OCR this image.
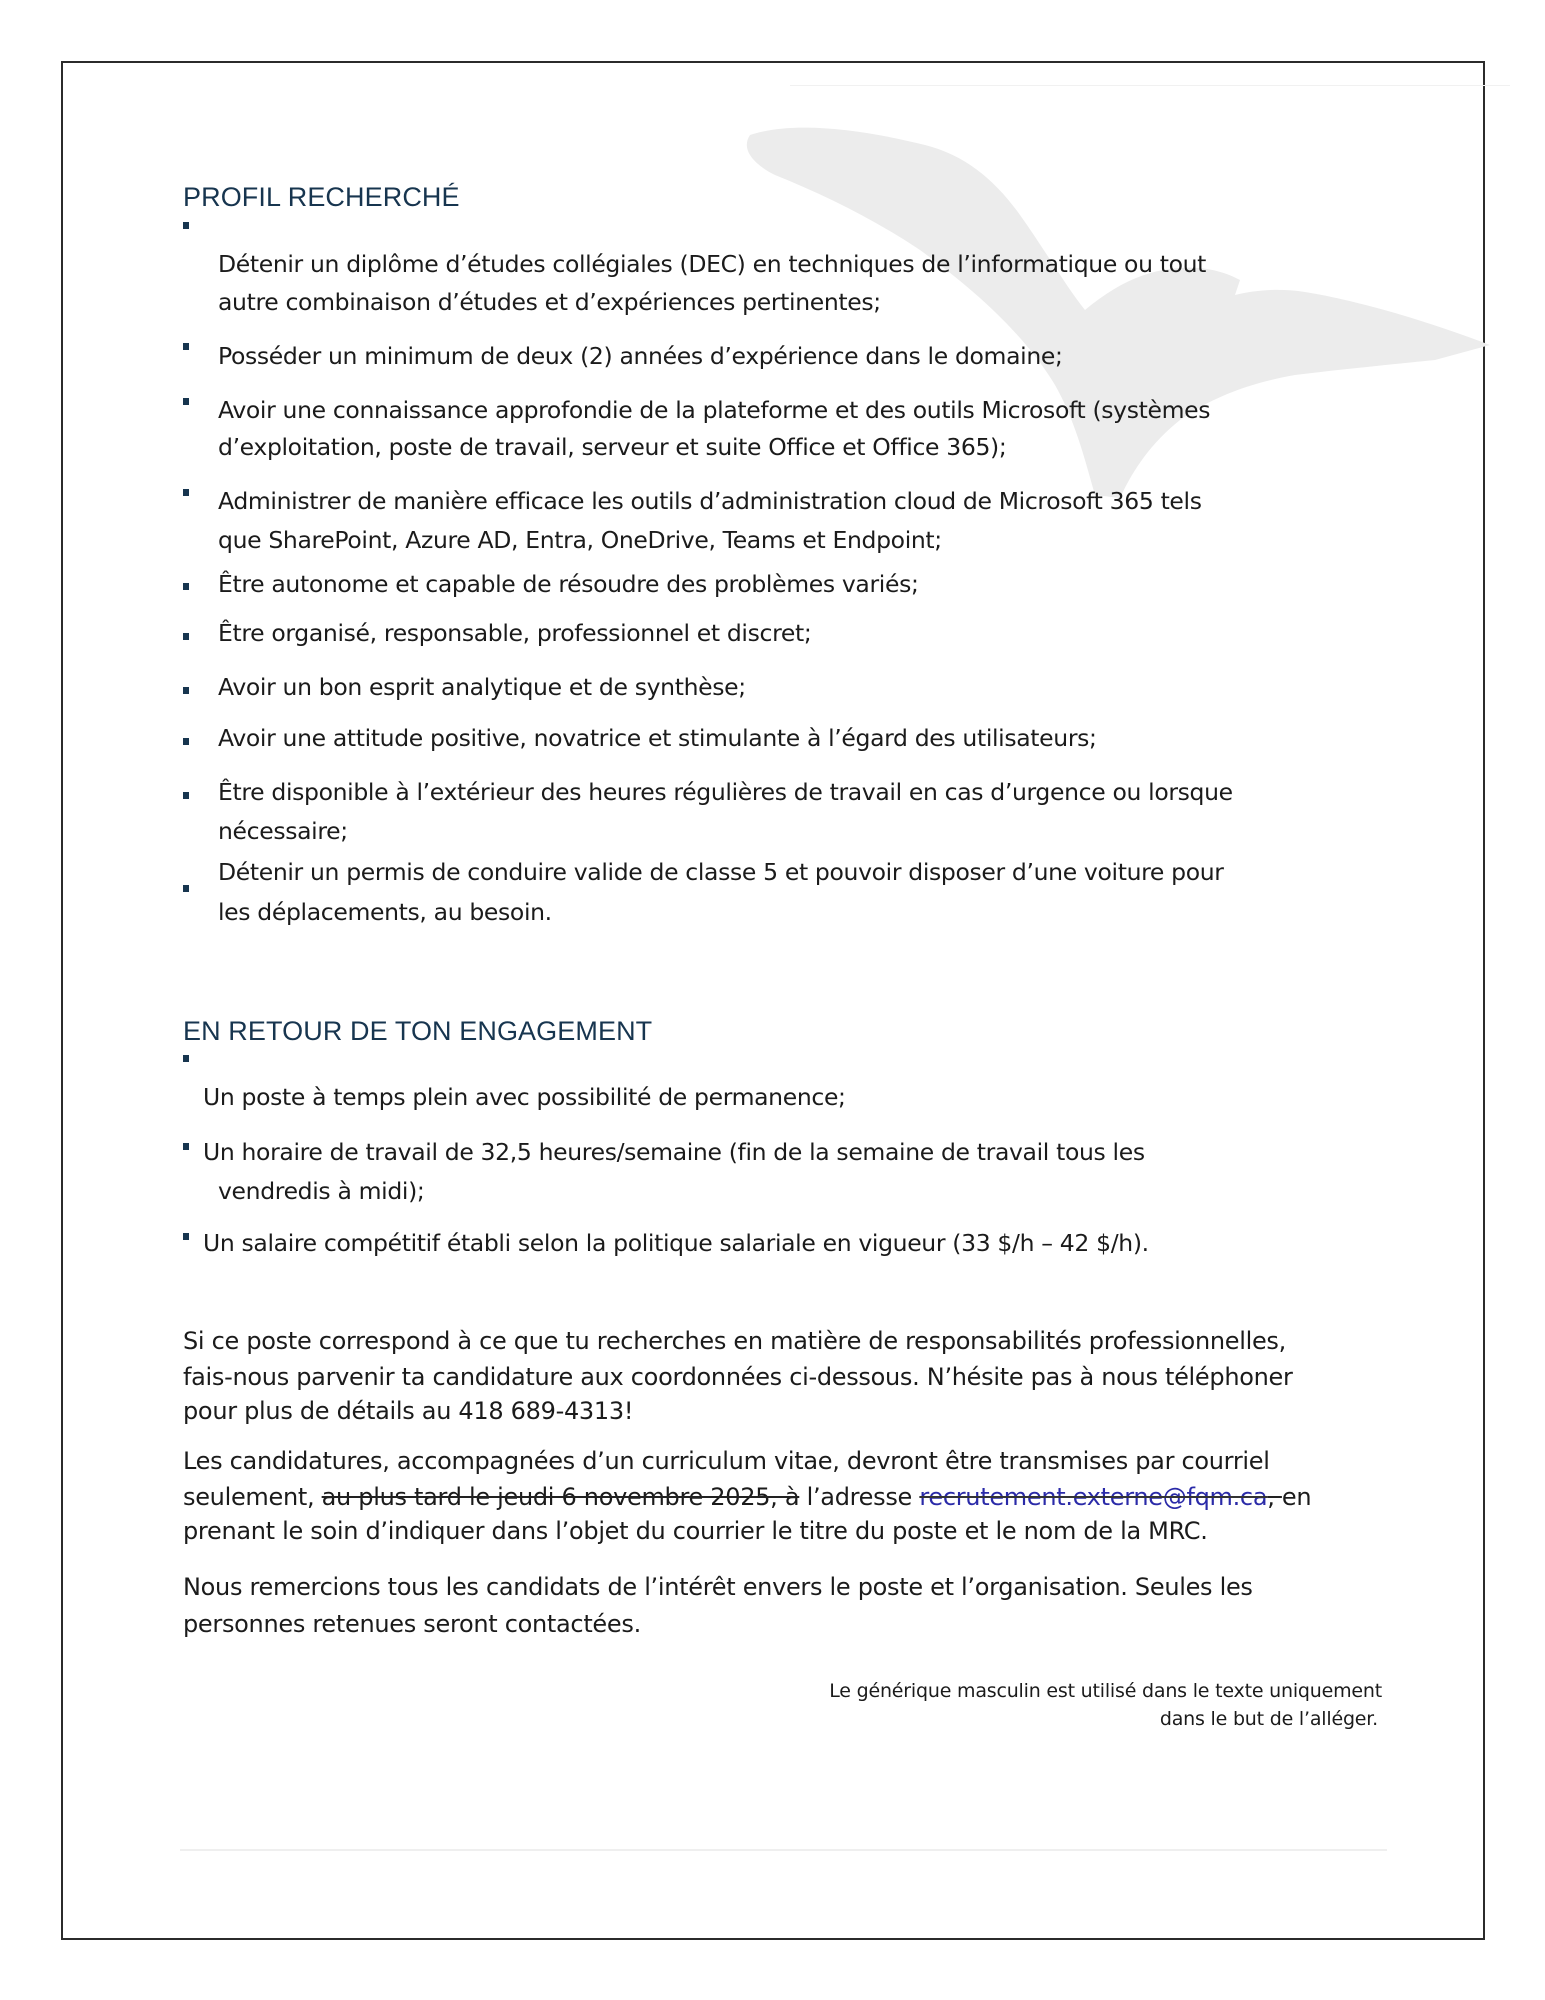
PROFIL RECHERCHÉ
Détenir un diplôme d’études collégiales (DEC) en techniques de l’informatique ou tout
autre combinaison d’études et d’expériences pertinentes;
Posséder un minimum de deux (2) années d’expérience dans le domaine;
Avoir une connaissance approfondie de la plateforme et des outils Microsoft (systèmes
d’exploitation, poste de travail, serveur et suite Office et Office 365);
Administrer de manière efficace les outils d’administration cloud de Microsoft 365 tels
que SharePoint, Azure AD, Entra, OneDrive, Teams et Endpoint;
Être autonome et capable de résoudre des problèmes variés;
Être organisé, responsable, professionnel et discret;
Avoir un bon esprit analytique et de synthèse;
Avoir une attitude positive, novatrice et stimulante à l’égard des utilisateurs;
Être disponible à l’extérieur des heures régulières de travail en cas d’urgence ou lorsque
nécessaire;
Détenir un permis de conduire valide de classe 5 et pouvoir disposer d’une voiture pour
les déplacements, au besoin.
EN RETOUR DE TON ENGAGEMENT
Un poste à temps plein avec possibilité de permanence;
Un horaire de travail de 32,5 heures/semaine (fin de la semaine de travail tous les
vendredis à midi);
Un salaire compétitif établi selon la politique salariale en vigueur (33 $/h – 42 $/h).
Si ce poste correspond à ce que tu recherches en matière de responsabilités professionnelles,
fais-nous parvenir ta candidature aux coordonnées ci-dessous. N’hésite pas à nous téléphoner
pour plus de détails au 418 689-4313!
Les candidatures, accompagnées d’un curriculum vitae, devront être transmises par courriel
seulement, au plus tard le jeudi 6 novembre 2025, à l’adresse recrutement.externe@fqm.ca, en
prenant le soin d’indiquer dans l’objet du courrier le titre du poste et le nom de la MRC.
Nous remercions tous les candidats de l’intérêt envers le poste et l’organisation. Seules les
personnes retenues seront contactées.
Le générique masculin est utilisé dans le texte uniquement
dans le but de l’alléger.
